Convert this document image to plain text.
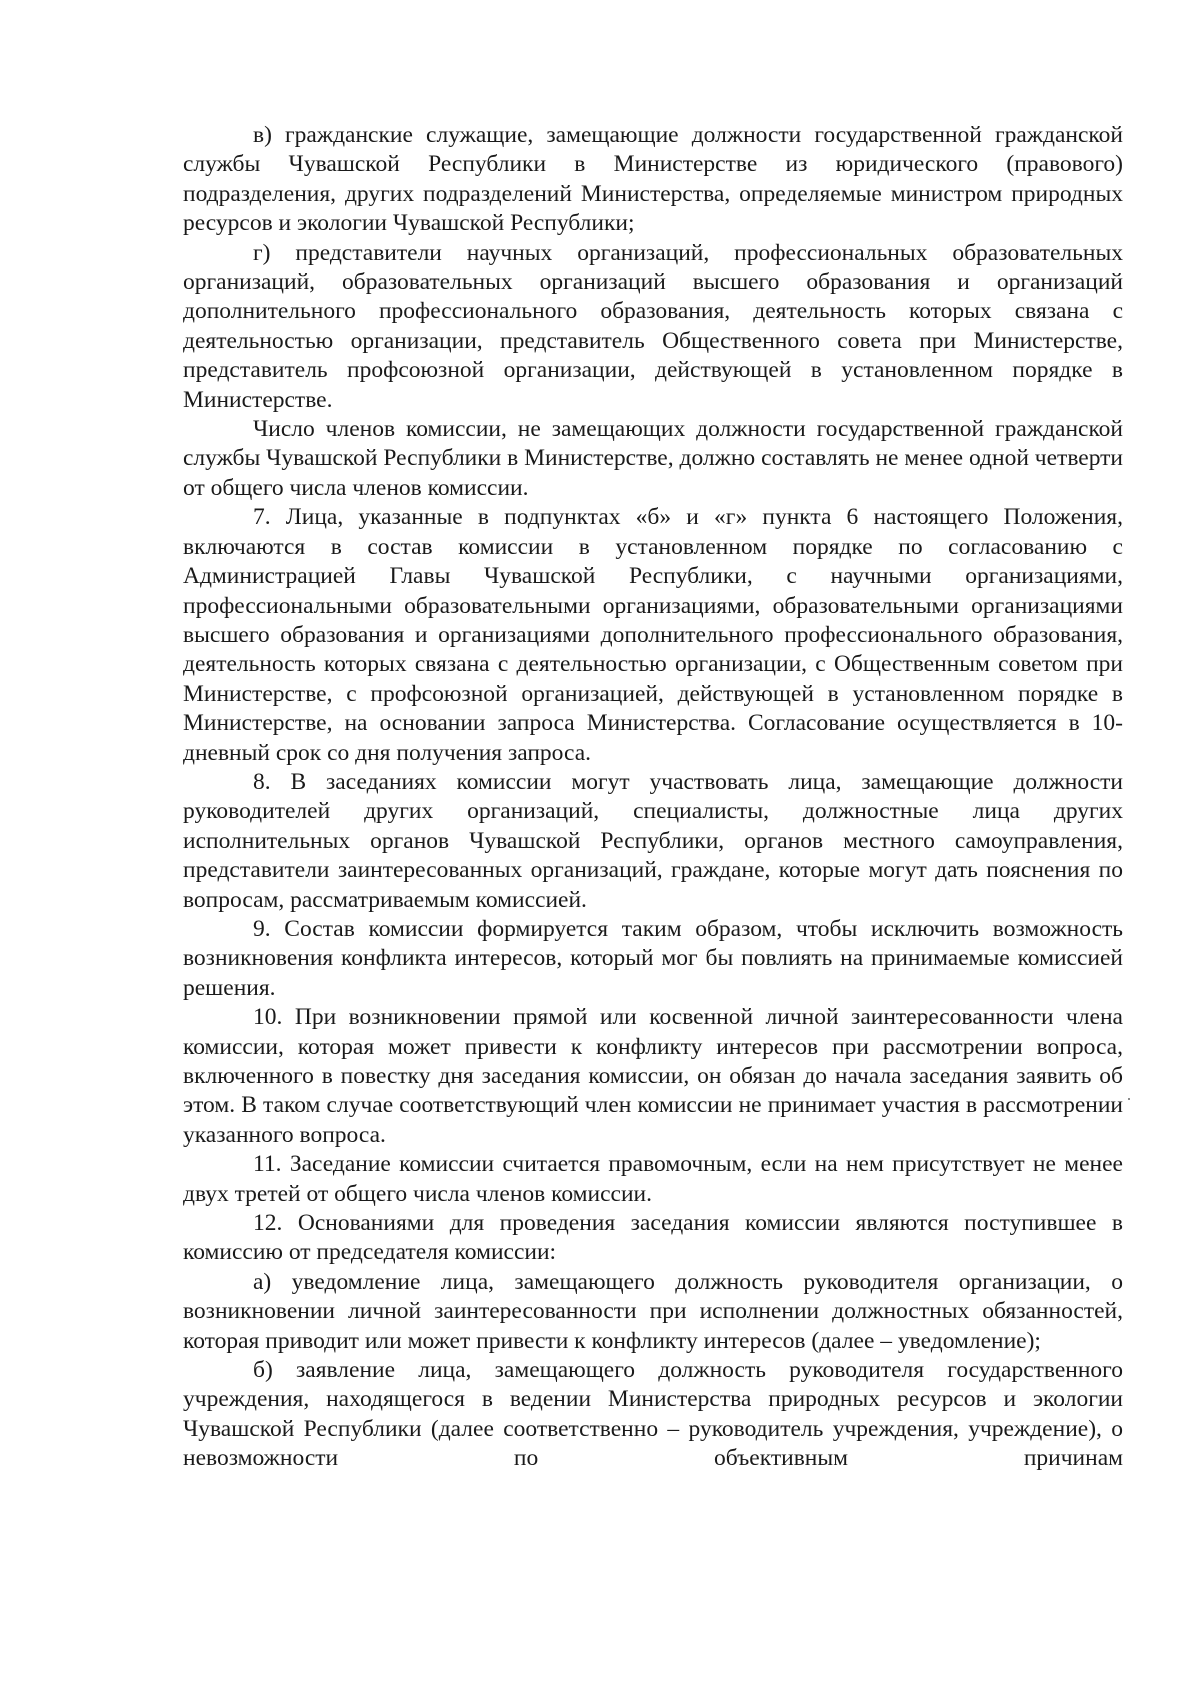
в) гражданские служащие, замещающие должности государственной гражданской службы Чувашской Республики в Министерстве из юридического (правового) подразделения, других подразделений Министерства, определяемые министром природных ресурсов и экологии Чувашской Республики;

г) представители научных организаций, профессиональных образовательных организаций, образовательных организаций высшего образования и организаций дополнительного профессионального образования, деятельность которых связана с деятельностью организации, представитель Общественного совета при Министерстве, представитель профсоюзной организации, действующей в установленном порядке в Министерстве.

Число членов комиссии, не замещающих должности государственной гражданской службы Чувашской Республики в Министерстве, должно составлять не менее одной четверти от общего числа членов комиссии.

7. Лица, указанные в подпунктах «б» и «г» пункта 6 настоящего Положения, включаются в состав комиссии в установленном порядке по согласованию с Администрацией Главы Чувашской Республики, с научными организациями, профессиональными образовательными организациями, образовательными организациями высшего образования и организациями дополнительного профессионального образования, деятельность которых связана с деятельностью организации, с Общественным советом при Министерстве, с профсоюзной организацией, действующей в установленном порядке в Министерстве, на основании запроса Министерства. Согласование осуществляется в 10-дневный срок со дня получения запроса.

8. В заседаниях комиссии могут участвовать лица, замещающие должности руководителей других организаций, специалисты, должностные лица других исполнительных органов Чувашской Республики, органов местного самоуправления, представители заинтересованных организаций, граждане, которые могут дать пояснения по вопросам, рассматриваемым комиссией.

9. Состав комиссии формируется таким образом, чтобы исключить возможность возникновения конфликта интересов, который мог бы повлиять на принимаемые комиссией решения.

10. При возникновении прямой или косвенной личной заинтересованности члена комиссии, которая может привести к конфликту интересов при рассмотрении вопроса, включенного в повестку дня заседания комиссии, он обязан до начала заседания заявить об этом. В таком случае соответствующий член комиссии не принимает участия в рассмотрении указанного вопроса.

11. Заседание комиссии считается правомочным, если на нем присутствует не менее двух третей от общего числа членов комиссии.

12. Основаниями для проведения заседания комиссии являются поступившее в комиссию от председателя комиссии:

а) уведомление лица, замещающего должность руководителя организации, о возникновении личной заинтересованности при исполнении должностных обязанностей, которая приводит или может привести к конфликту интересов (далее – уведомление);

б) заявление лица, замещающего должность руководителя государственного учреждения, находящегося в ведении Министерства природных ресурсов и экологии Чувашской Республики (далее соответственно – руководитель учреждения, учреждение), о невозможности по объективным причинам
